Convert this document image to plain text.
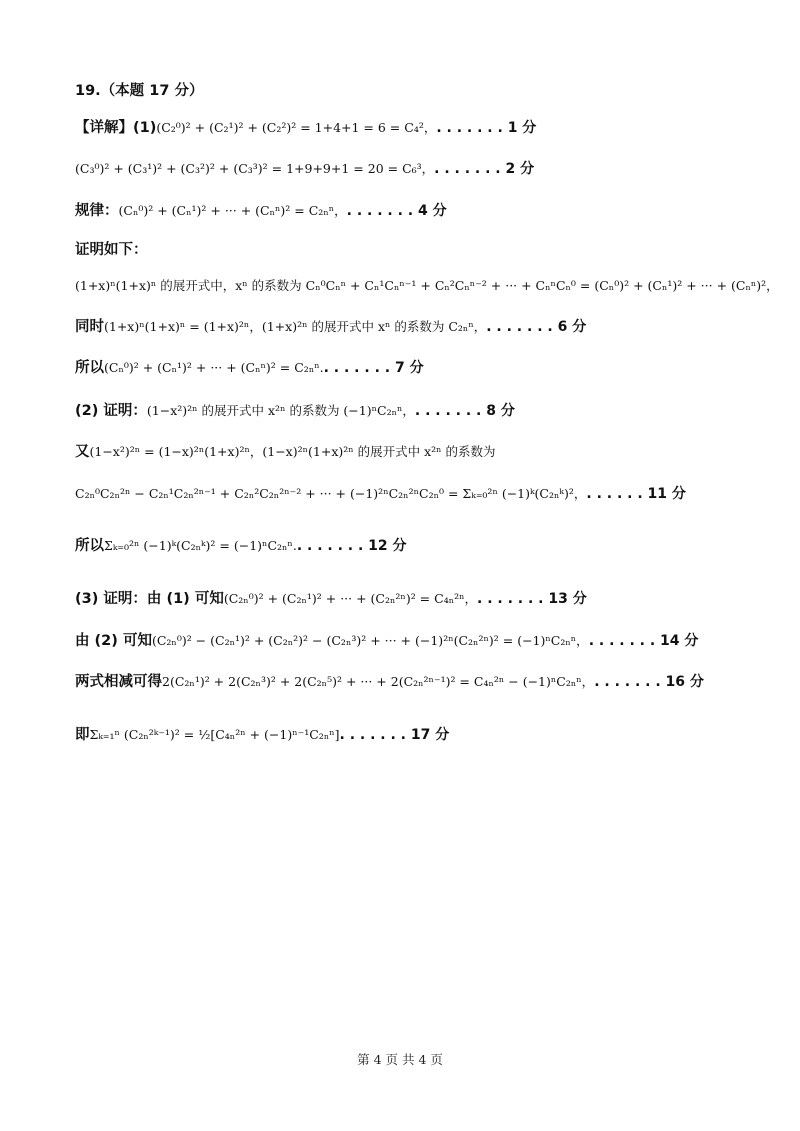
19.（本题 17 分）
【详解】(1) (C₂⁰)² + (C₂¹)² + (C₂²)² = 1+4+1 = 6 = C₄²， . . . . . . . 1 分
(C₃⁰)² + (C₃¹)² + (C₃²)² + (C₃³)² = 1+9+9+1 = 20 = C₆³， . . . . . . . 2 分
规律： (Cₙ⁰)² + (Cₙ¹)² + ··· + (Cₙⁿ)² = C₂ₙⁿ， . . . . . . . 4 分
证明如下：
(1+x)ⁿ(1+x)ⁿ 的展开式中，xⁿ 的系数为 Cₙ⁰Cₙⁿ + Cₙ¹Cₙⁿ⁻¹ + Cₙ²Cₙⁿ⁻² + ··· + CₙⁿCₙ⁰ = (Cₙ⁰)² + (Cₙ¹)² + ··· + (Cₙⁿ)²，
同时 (1+x)ⁿ(1+x)ⁿ = (1+x)²ⁿ，(1+x)²ⁿ 的展开式中 xⁿ 的系数为 C₂ₙⁿ， . . . . . . . 6 分
所以 (Cₙ⁰)² + (Cₙ¹)² + ··· + (Cₙⁿ)² = C₂ₙⁿ. . . . . . . . 7 分
(2) 证明： (1−x²)²ⁿ 的展开式中 x²ⁿ 的系数为 (−1)ⁿC₂ₙⁿ， . . . . . . . 8 分
又 (1−x²)²ⁿ = (1−x)²ⁿ(1+x)²ⁿ，(1−x)²ⁿ(1+x)²ⁿ 的展开式中 x²ⁿ 的系数为
C₂ₙ⁰C₂ₙ²ⁿ − C₂ₙ¹C₂ₙ²ⁿ⁻¹ + C₂ₙ²C₂ₙ²ⁿ⁻² + ··· + (−1)²ⁿC₂ₙ²ⁿC₂ₙ⁰ = Σₖ₌₀²ⁿ (−1)ᵏ(C₂ₙᵏ)²， . . . . . . 11 分
所以 Σₖ₌₀²ⁿ (−1)ᵏ(C₂ₙᵏ)² = (−1)ⁿC₂ₙⁿ. . . . . . . . 12 分
(3) 证明：由 (1) 可知 (C₂ₙ⁰)² + (C₂ₙ¹)² + ··· + (C₂ₙ²ⁿ)² = C₄ₙ²ⁿ， . . . . . . . 13 分
由 (2) 可知 (C₂ₙ⁰)² − (C₂ₙ¹)² + (C₂ₙ²)² − (C₂ₙ³)² + ··· + (−1)²ⁿ(C₂ₙ²ⁿ)² = (−1)ⁿC₂ₙⁿ， . . . . . . . 14 分
两式相减可得 2(C₂ₙ¹)² + 2(C₂ₙ³)² + 2(C₂ₙ⁵)² + ··· + 2(C₂ₙ²ⁿ⁻¹)² = C₄ₙ²ⁿ − (−1)ⁿC₂ₙⁿ， . . . . . . . 16 分
即 Σₖ₌₁ⁿ (C₂ₙ²ᵏ⁻¹)² = ½[C₄ₙ²ⁿ + (−1)ⁿ⁻¹C₂ₙⁿ] . . . . . . . 17 分
第 4 页 共 4 页
